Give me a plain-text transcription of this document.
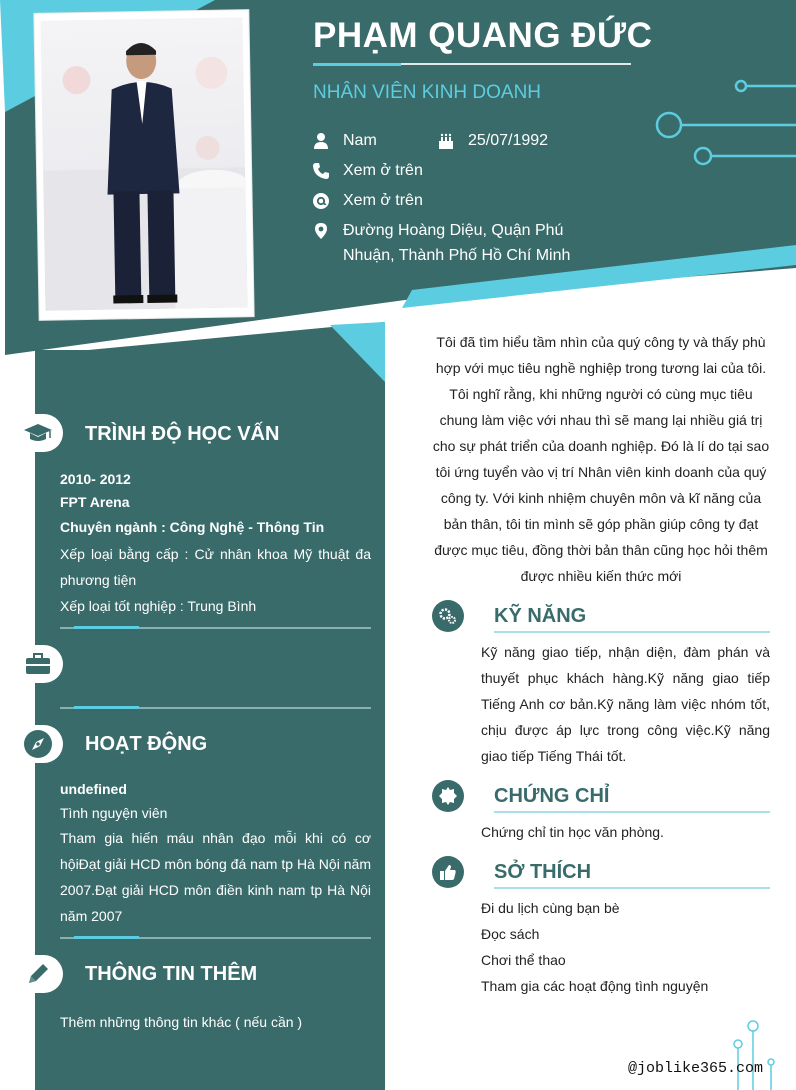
PHẠM QUANG ĐỨC
NHÂN VIÊN KINH DOANH
Nam	25/07/1992
Xem ở trên
Xem ở trên
Đường Hoàng Diệu, Quận Phú
Nhuận, Thành Phố Hồ Chí Minh
Tôi đã tìm hiểu tầm nhìn của quý công ty và thấy phù
hợp với mục tiêu nghề nghiệp trong tương lai của tôi.
Tôi nghĩ rằng, khi những người có cùng mục tiêu
chung làm việc với nhau thì sẽ mang lại nhiều giá trị
cho sự phát triển của doanh nghiệp. Đó là lí do tại sao
tôi ứng tuyển vào vị trí Nhân viên kinh doanh của quý
công ty. Với kinh nhiệm chuyên môn và kĩ năng của
bản thân, tôi tin mình sẽ góp phần giúp công ty đạt
được mục tiêu, đồng thời bản thân cũng học hỏi thêm
được nhiều kiến thức mới
TRÌNH ĐỘ HỌC VẤN
2010- 2012
FPT Arena
Chuyên ngành : Công Nghệ - Thông Tin
Xếp loại bằng cấp : Cử nhân khoa Mỹ thuật đa phương tiện
Xếp loại tốt nghiệp : Trung Bình
HOẠT ĐỘNG
undefined
Tình nguyện viên
Tham gia hiến máu nhân đạo mỗi khi có cơ hộiĐạt giải HCD môn bóng đá nam tp Hà Nội năm 2007.Đạt giải HCD môn điền kinh nam tp Hà Nội năm 2007
THÔNG TIN THÊM
Thêm những thông tin khác ( nếu cần )
KỸ NĂNG
Kỹ năng giao tiếp, nhận diện, đàm phán và thuyết phục khách hàng.Kỹ năng giao tiếp Tiếng Anh cơ bản.Kỹ năng làm việc nhóm tốt, chịu được áp lực trong công việc.Kỹ năng giao tiếp Tiếng Thái tốt.
CHỨNG CHỈ
Chứng chỉ tin học văn phòng.
SỞ THÍCH
Đi du lịch cùng bạn bè
Đọc sách
Chơi thể thao
Tham gia các hoạt động tình nguyện
@joblike365.com
